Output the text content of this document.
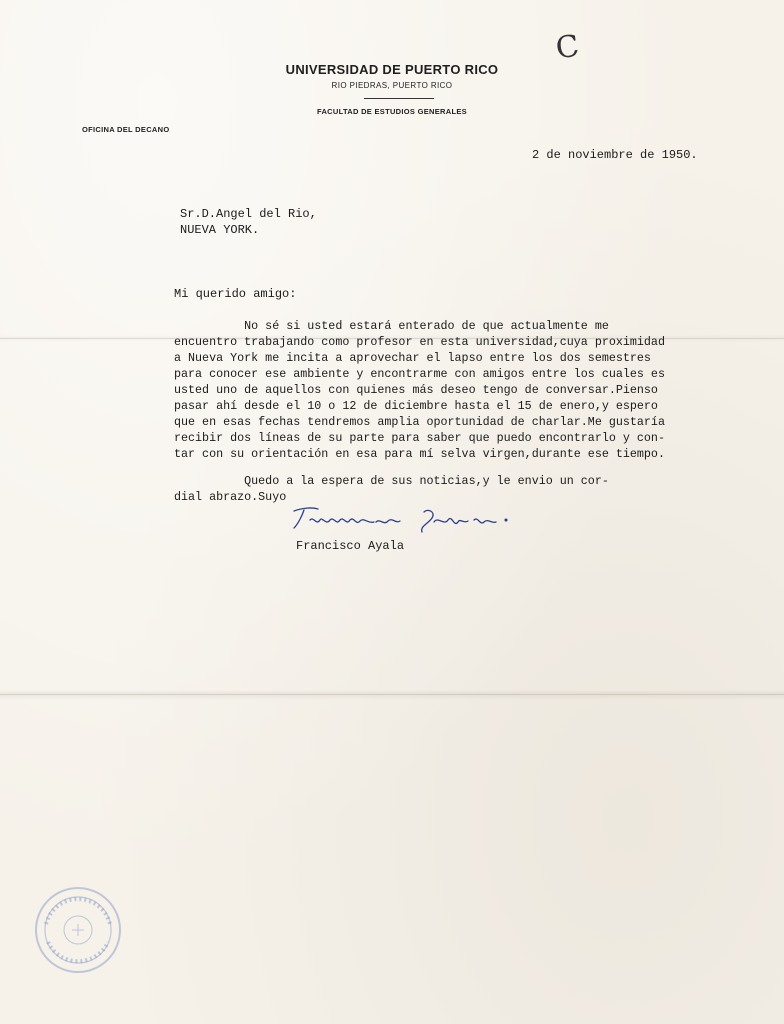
C
UNIVERSIDAD DE PUERTO RICO
RIO PIEDRAS, PUERTO RICO
FACULTAD DE ESTUDIOS GENERALES
OFICINA DEL DECANO
2 de noviembre de 1950.
Sr.D.Angel del Rio,
NUEVA YORK.
Mi querido amigo:
No sé si usted estará enterado de que actualmente me
encuentro trabajando como profesor en esta universidad,cuya proximidad
a Nueva York me incita a aprovechar el lapso entre los dos semestres
para conocer ese ambiente y encontrarme con amigos entre los cuales es
usted uno de aquellos con quienes más deseo tengo de conversar.Pienso
pasar ahí desde el 10 o 12 de diciembre hasta el 15 de enero,y espero
que en esas fechas tendremos amplia oportunidad de charlar.Me gustaría
recibir dos líneas de su parte para saber que puedo encontrarlo y con-
tar con su orientación en esa para mí selva virgen,durante ese tiempo.
Quedo a la espera de sus noticias,y le envio un cor-
dial abrazo.Suyo
Francisco Ayala
